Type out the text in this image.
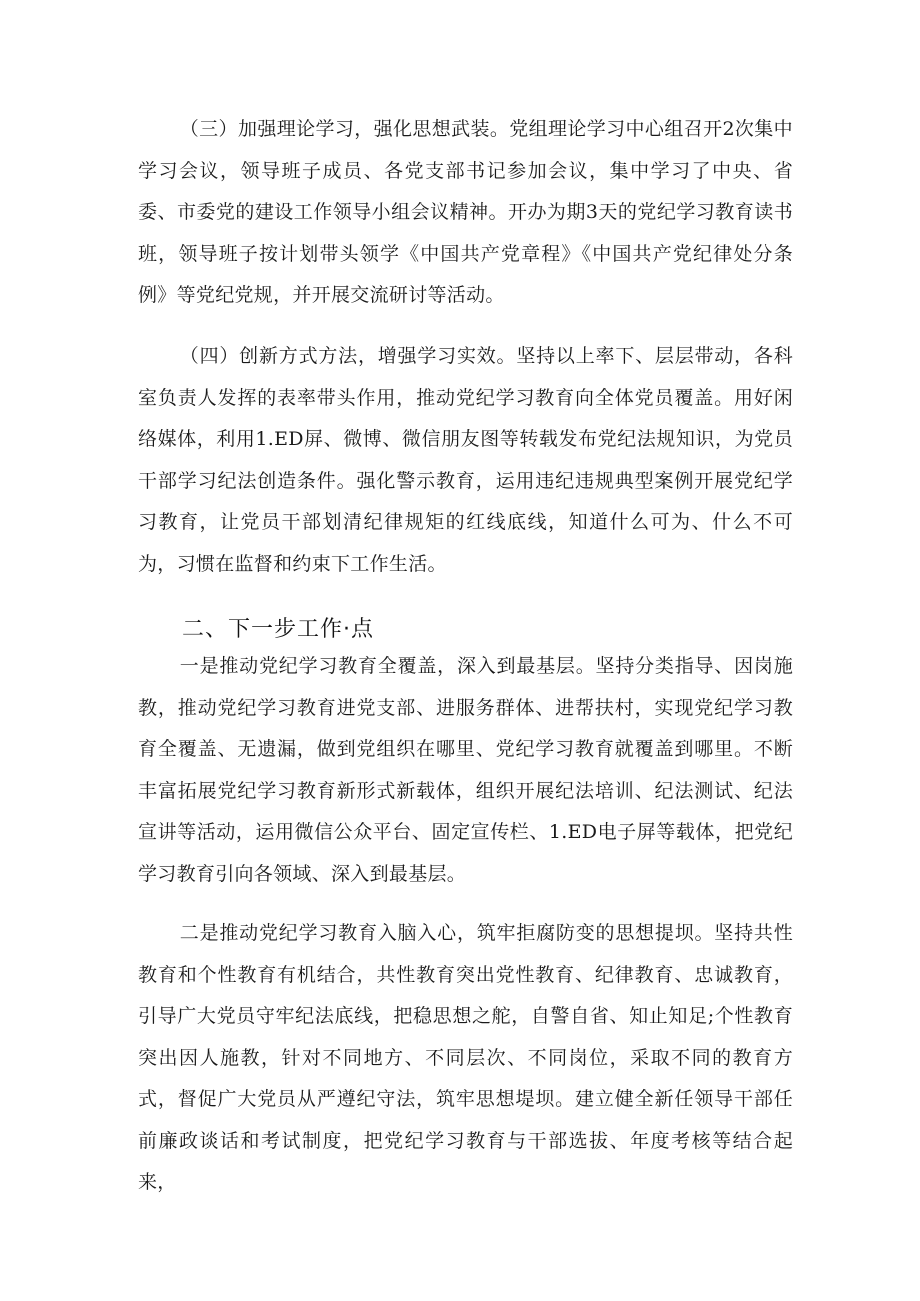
（三）加强理论学习，强化思想武装。党组理论学习中心组召开2次集中学习会议，领导班子成员、各党支部书记参加会议，集中学习了中央、省委、市委党的建设工作领导小组会议精神。开办为期3天的党纪学习教育读书班，领导班子按计划带头领学《中国共产党章程》《中国共产党纪律处分条例》等党纪党规，并开展交流研讨等活动。

（四）创新方式方法，增强学习实效。坚持以上率下、层层带动，各科室负责人发挥的表率带头作用，推动党纪学习教育向全体党员覆盖。用好闲络媒体，利用1.ED屏、微博、微信朋友图等转载发布党纪法规知识，为党员干部学习纪法创造条件。强化警示教育，运用违纪违规典型案例开展党纪学习教育，让党员干部划清纪律规矩的红线底线，知道什么可为、什么不可为，习惯在监督和约束下工作生活。

二、下一步工作·点

一是推动党纪学习教育全覆盖，深入到最基层。坚持分类指导、因岗施教，推动党纪学习教育进党支部、进服务群体、进帮扶村，实现党纪学习教育全覆盖、无遗漏，做到党组织在哪里、党纪学习教育就覆盖到哪里。不断丰富拓展党纪学习教育新形式新载体，组织开展纪法培训、纪法测试、纪法宣讲等活动，运用微信公众平台、固定宣传栏、1.ED电子屏等载体，把党纪学习教育引向各领域、深入到最基层。

二是推动党纪学习教育入脑入心，筑牢拒腐防变的思想提坝。坚持共性教育和个性教育有机结合，共性教育突出党性教育、纪律教育、忠诚教育，引导广大党员守牢纪法底线，把稳思想之舵，自警自省、知止知足;个性教育突出因人施教，针对不同地方、不同层次、不同岗位，采取不同的教育方式，督促广大党员从严遵纪守法，筑牢思想堤坝。建立健全新任领导干部任前廉政谈话和考试制度，把党纪学习教育与干部选拔、年度考核等结合起来，
